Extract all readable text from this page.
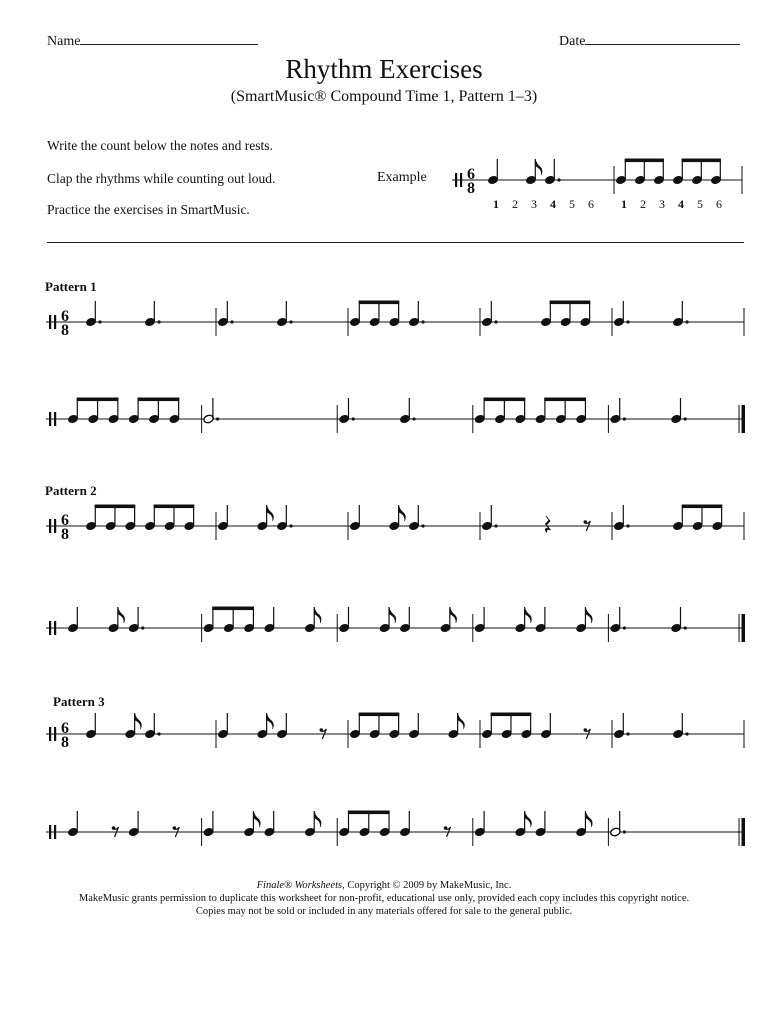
Name	Date
Rhythm Exercises
(SmartMusic® Compound Time 1, Pattern 1–3)
Write the count below the notes and rests.
Clap the rhythms while counting out loud.
Practice the exercises in SmartMusic.
Example
Pattern 1
Pattern 2
Pattern 3
6
8
1 2 3 4 5 6 1 2 3 4 5 6
6
8
6
8
6
8
Finale® Worksheets, Copyright © 2009 by MakeMusic, Inc.
MakeMusic grants permission to duplicate this worksheet for non-profit, educational use only, provided each copy includes this copyright notice.
Copies may not be sold or included in any materials offered for sale to the general public.
